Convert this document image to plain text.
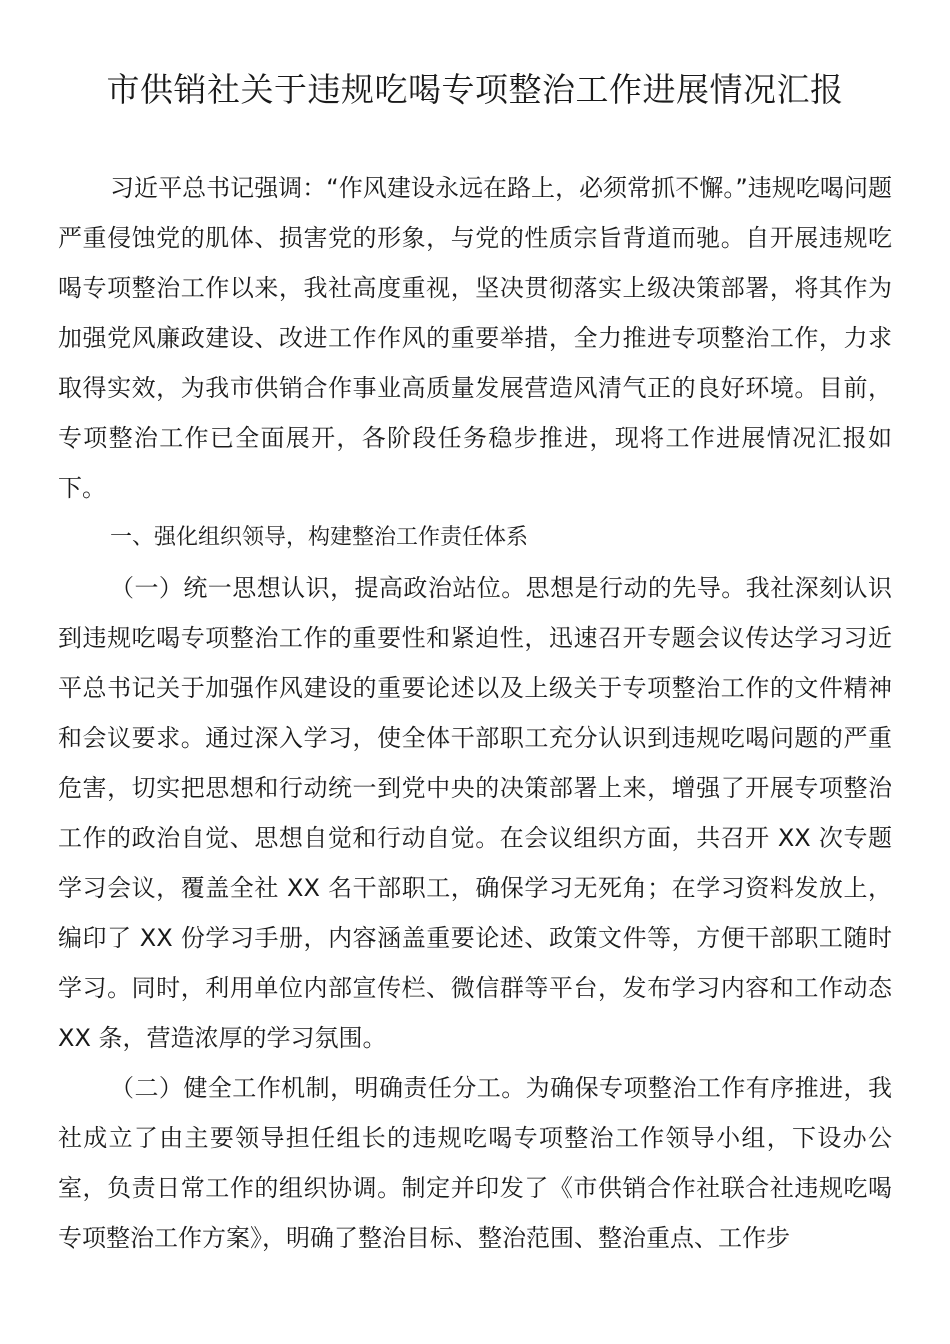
市供销社关于违规吃喝专项整治工作进展情况汇报

习近平总书记强调：“作风建设永远在路上，必须常抓不懈。”违规吃喝问题严重侵蚀党的肌体、损害党的形象，与党的性质宗旨背道而驰。自开展违规吃喝专项整治工作以来，我社高度重视，坚决贯彻落实上级决策部署，将其作为加强党风廉政建设、改进工作作风的重要举措，全力推进专项整治工作，力求取得实效，为我市供销合作事业高质量发展营造风清气正的良好环境。目前，专项整治工作已全面展开，各阶段任务稳步推进，现将工作进展情况汇报如下。

一、强化组织领导，构建整治工作责任体系

（一）统一思想认识，提高政治站位。思想是行动的先导。我社深刻认识到违规吃喝专项整治工作的重要性和紧迫性，迅速召开专题会议传达学习习近平总书记关于加强作风建设的重要论述以及上级关于专项整治工作的文件精神和会议要求。通过深入学习，使全体干部职工充分认识到违规吃喝问题的严重危害，切实把思想和行动统一到党中央的决策部署上来，增强了开展专项整治工作的政治自觉、思想自觉和行动自觉。在会议组织方面，共召开 XX 次专题学习会议，覆盖全社 XX 名干部职工，确保学习无死角；在学习资料发放上，编印了 XX 份学习手册，内容涵盖重要论述、政策文件等，方便干部职工随时学习。同时，利用单位内部宣传栏、微信群等平台，发布学习内容和工作动态 XX 条，营造浓厚的学习氛围。

（二）健全工作机制，明确责任分工。为确保专项整治工作有序推进，我社成立了由主要领导担任组长的违规吃喝专项整治工作领导小组，下设办公室，负责日常工作的组织协调。制定并印发了《市供销合作社联合社违规吃喝专项整治工作方案》，明确了整治目标、整治范围、整治重点、工作步
